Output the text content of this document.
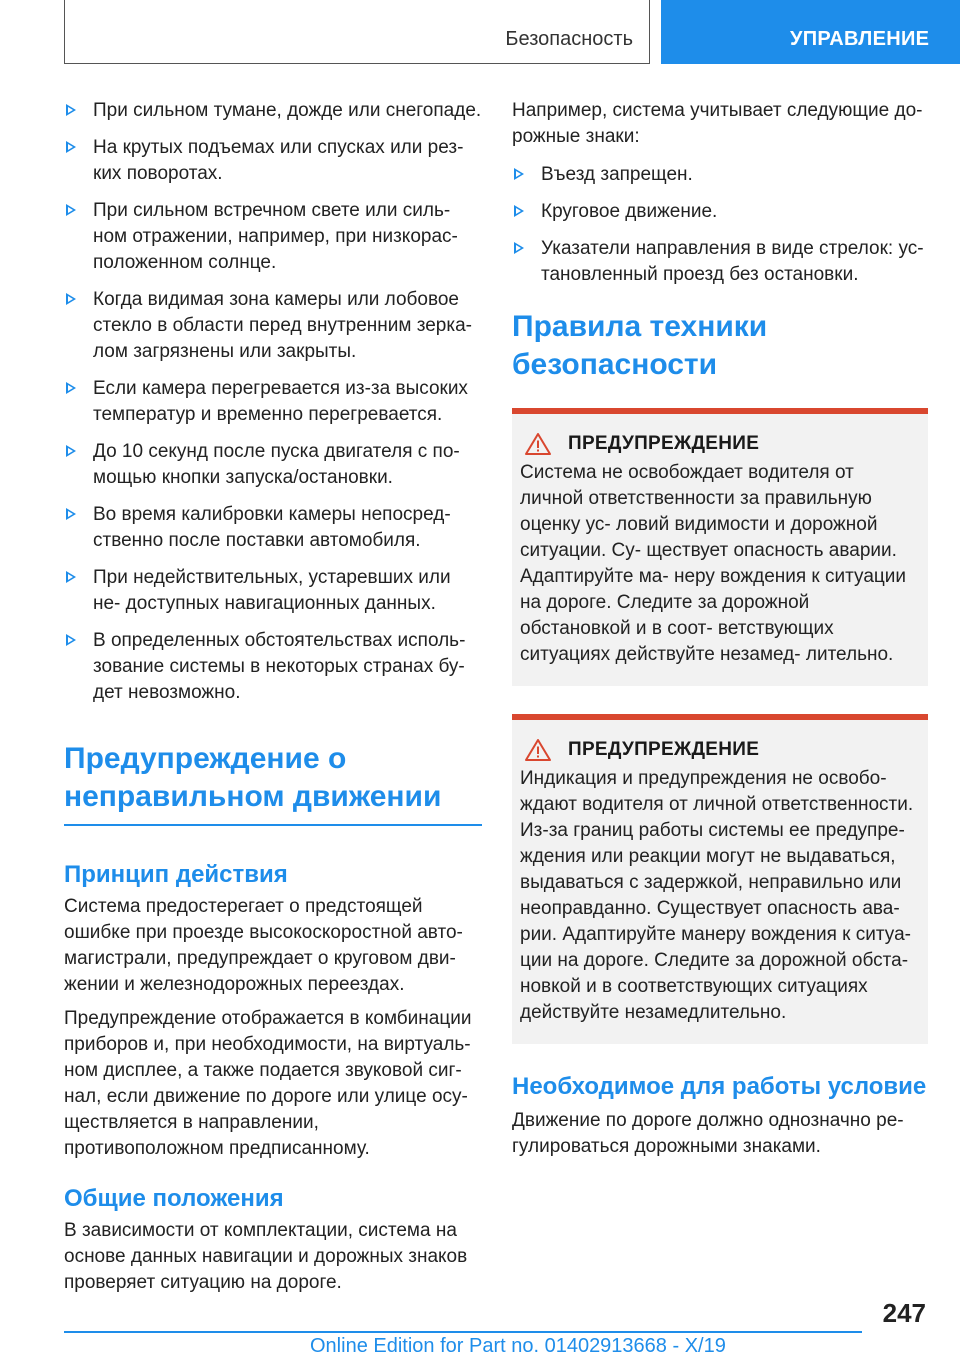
Безопасность	УПРАВЛЕНИЕ
При сильном тумане, дожде или снегопаде.
На крутых подъемах или спусках или рез- ких поворотах.
При сильном встречном свете или силь- ном отражении, например, при низкорас- положенном солнце.
Когда видимая зона камеры или лобовое стекло в области перед внутренним зерка- лом загрязнены или закрыты.
Если камера перегревается из-за высоких температур и временно перегревается.
До 10 секунд после пуска двигателя с по- мощью кнопки запуска/остановки.
Во время калибровки камеры непосред- ственно после поставки автомобиля.
При недействительных, устаревших или не- доступных навигационных данных.
В определенных обстоятельствах исполь- зование системы в некоторых странах бу- дет невозможно.
Предупреждение о неправильном движении
Принцип действия

Система предостерегает о предстоящей ошибке при проезде высокоскоростной авто- магистрали, предупреждает о круговом дви- жении и железнодорожных переездах.

Предупреждение отображается в комбинации приборов и, при необходимости, на виртуаль- ном дисплее, а также подается звуковой сиг- нал, если движение по дороге или улице осу- ществляется в направлении, противоположном предписанному.

Общие положения

В зависимости от комплектации, система на основе данных навигации и дорожных знаков проверяет ситуацию на дороге.

Например, система учитывает следующие до- рожные знаки:

Въезд запрещен.
Круговое движение.
Указатели направления в виде стрелок: ус- тановленный проезд без остановки.
Правила техники безопасности
ПРЕДУПРЕЖДЕНИЕ

Система не освобождает водителя от личной ответственности за правильную оценку ус- ловий видимости и дорожной ситуации. Су- ществует опасность аварии. Адаптируйте ма- неру вождения к ситуации на дороге. Следите за дорожной обстановкой и в соот- ветствующих ситуациях действуйте незамед- лительно.

ПРЕДУПРЕЖДЕНИЕ

Индикация и предупреждения не освобо- ждают водителя от личной ответственности. Из-за границ работы системы ее предупре- ждения или реакции могут не выдаваться, выдаваться с задержкой, неправильно или неоправданно. Существует опасность ава- рии. Адаптируйте манеру вождения к ситуа- ции на дороге. Следите за дорожной обста- новкой и в соответствующих ситуациях действуйте незамедлительно.

Необходимое для работы условие

Движение по дороге должно однозначно ре- гулироваться дорожными знаками.

247
Online Edition for Part no. 01402913668 - X/19
